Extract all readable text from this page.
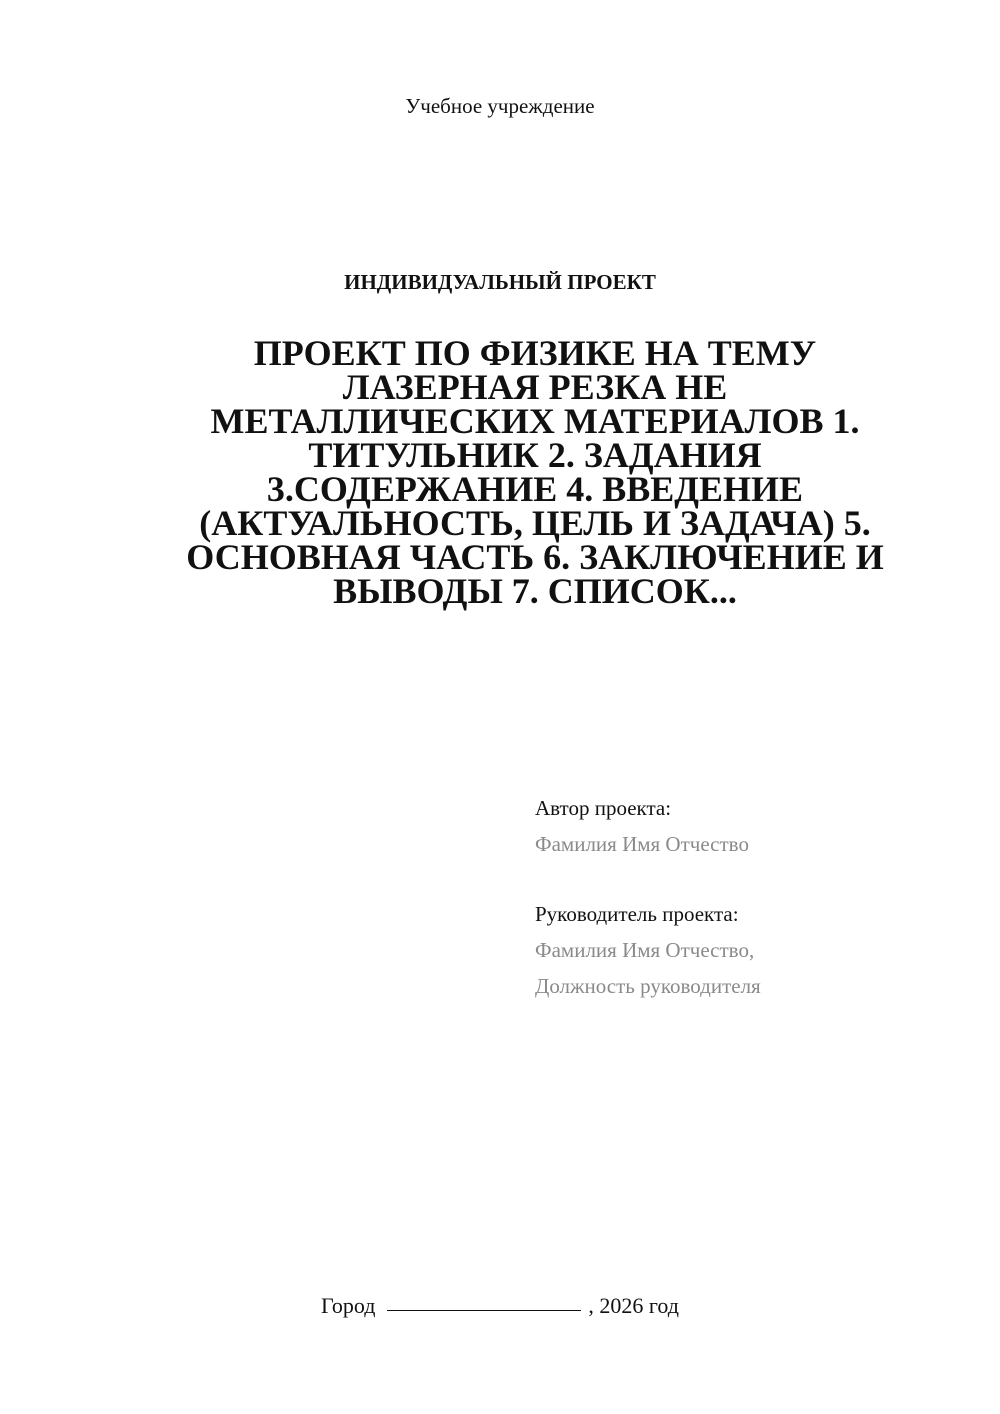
Учебное учреждение
ИНДИВИДУАЛЬНЫЙ ПРОЕКТ
ПРОЕКТ ПО ФИЗИКЕ НА ТЕМУ
ЛАЗЕРНАЯ РЕЗКА НЕ
МЕТАЛЛИЧЕСКИХ МАТЕРИАЛОВ 1.
ТИТУЛЬНИК 2. ЗАДАНИЯ
3.СОДЕРЖАНИЕ 4. ВВЕДЕНИЕ
(АКТУАЛЬНОСТЬ, ЦЕЛЬ И ЗАДАЧА) 5.
ОСНОВНАЯ ЧАСТЬ 6. ЗАКЛЮЧЕНИЕ И
ВЫВОДЫ 7. СПИСОК...
Автор проекта:
Фамилия Имя Отчество
Руководитель проекта:
Фамилия Имя Отчество,
Должность руководителя
Город	, 2026 год
